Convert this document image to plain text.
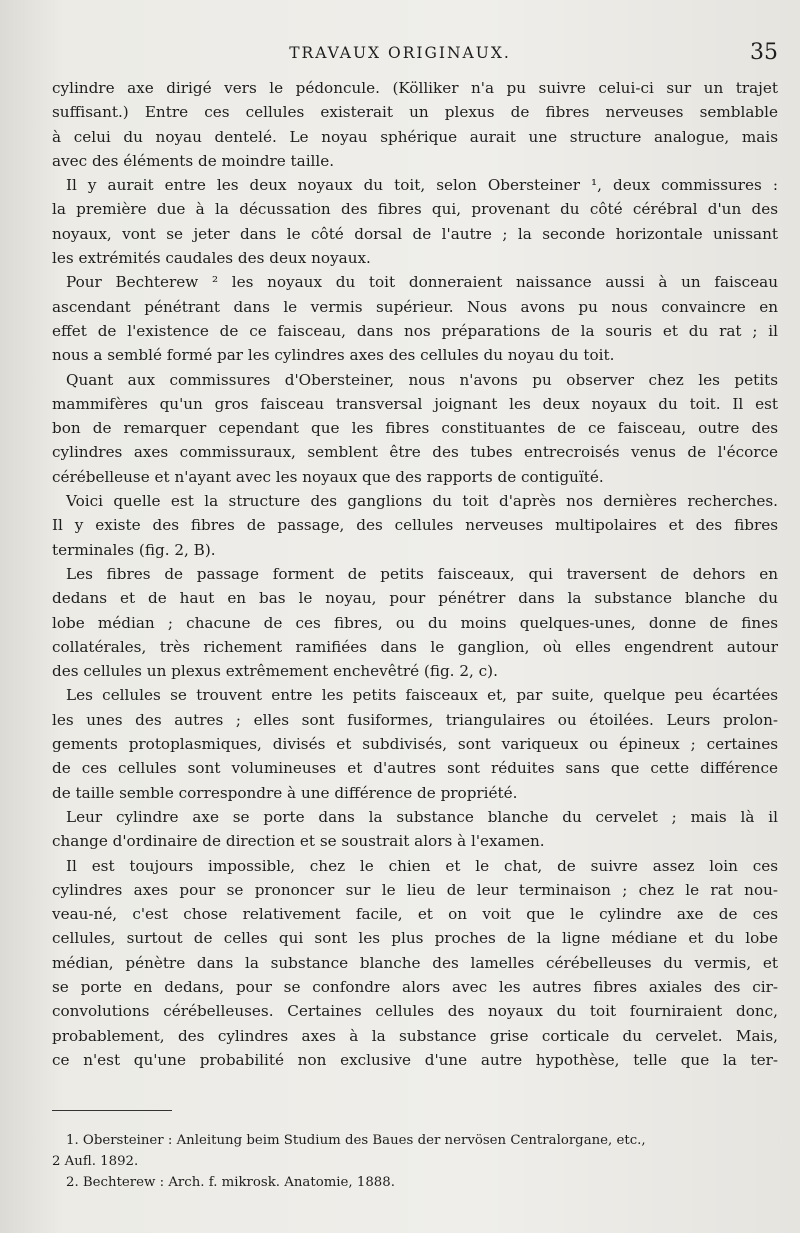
TRAVAUX ORIGINAUX.	35
cylindre axe dirigé vers le pédoncule. (Kölliker n'a pu suivre celui-ci sur un trajet
suffisant.) Entre ces cellules existerait un plexus de fibres nerveuses semblable
à celui du noyau dentelé. Le noyau sphérique aurait une structure analogue, mais
avec des éléments de moindre taille.
Il y aurait entre les deux noyaux du toit, selon Obersteiner ¹, deux commissures :
la première due à la décussation des fibres qui, provenant du côté cérébral d'un des
noyaux, vont se jeter dans le côté dorsal de l'autre ; la seconde horizontale unissant
les extrémités caudales des deux noyaux.
Pour Bechterew ² les noyaux du toit donneraient naissance aussi à un faisceau
ascendant pénétrant dans le vermis supérieur. Nous avons pu nous convaincre en
effet de l'existence de ce faisceau, dans nos préparations de la souris et du rat ; il
nous a semblé formé par les cylindres axes des cellules du noyau du toit.
Quant aux commissures d'Obersteiner, nous n'avons pu observer chez les petits
mammifères qu'un gros faisceau transversal joignant les deux noyaux du toit. Il est
bon de remarquer cependant que les fibres constituantes de ce faisceau, outre des
cylindres axes commissuraux, semblent être des tubes entrecroisés venus de l'écorce
cérébelleuse et n'ayant avec les noyaux que des rapports de contiguïté.
Voici quelle est la structure des ganglions du toit d'après nos dernières recherches.
Il y existe des fibres de passage, des cellules nerveuses multipolaires et des fibres
terminales (fig. 2, B).
Les fibres de passage forment de petits faisceaux, qui traversent de dehors en
dedans et de haut en bas le noyau, pour pénétrer dans la substance blanche du
lobe médian ; chacune de ces fibres, ou du moins quelques-unes, donne de fines
collatérales, très richement ramifiées dans le ganglion, où elles engendrent autour
des cellules un plexus extrêmement enchevêtré (fig. 2, c).
Les cellules se trouvent entre les petits faisceaux et, par suite, quelque peu écartées
les unes des autres ; elles sont fusiformes, triangulaires ou étoilées. Leurs prolon-
gements protoplasmiques, divisés et subdivisés, sont variqueux ou épineux ; certaines
de ces cellules sont volumineuses et d'autres sont réduites sans que cette différence
de taille semble correspondre à une différence de propriété.
Leur cylindre axe se porte dans la substance blanche du cervelet ; mais là il
change d'ordinaire de direction et se soustrait alors à l'examen.
Il est toujours impossible, chez le chien et le chat, de suivre assez loin ces
cylindres axes pour se prononcer sur le lieu de leur terminaison ; chez le rat nou-
veau-né, c'est chose relativement facile, et on voit que le cylindre axe de ces
cellules, surtout de celles qui sont les plus proches de la ligne médiane et du lobe
médian, pénètre dans la substance blanche des lamelles cérébelleuses du vermis, et
se porte en dedans, pour se confondre alors avec les autres fibres axiales des cir-
convolutions cérébelleuses. Certaines cellules des noyaux du toit fourniraient donc,
probablement, des cylindres axes à la substance grise corticale du cervelet. Mais,
ce n'est qu'une probabilité non exclusive d'une autre hypothèse, telle que la ter-
1. Obersteiner : Anleitung beim Studium des Baues der nervösen Centralorgane, etc.,
2 Aufl. 1892.
2. Bechterew : Arch. f. mikrosk. Anatomie, 1888.
